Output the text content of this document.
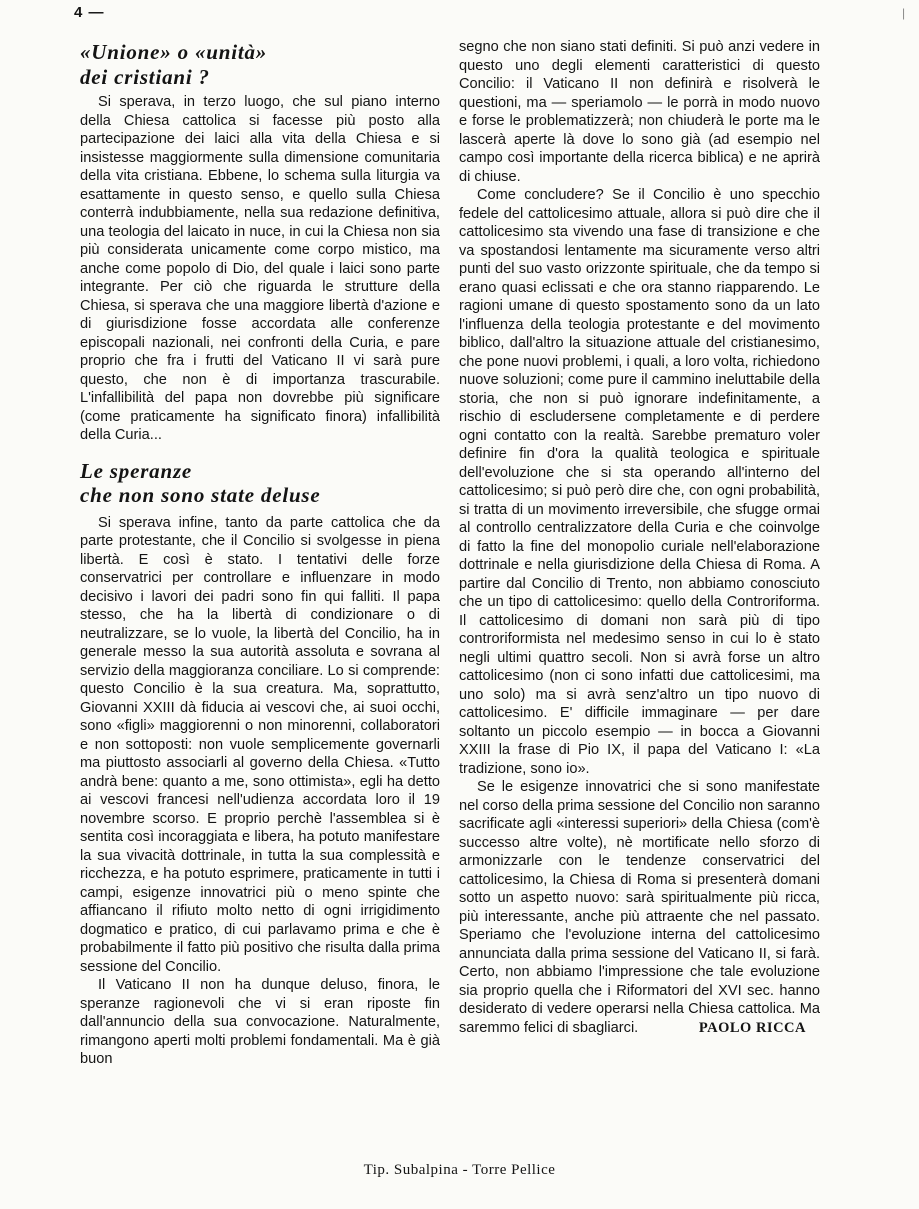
4 —	|
«Unione» o «unità»
dei cristiani ?

Si sperava, in terzo luogo, che sul piano interno della Chiesa cattolica si facesse più posto alla partecipazione dei laici alla vita della Chiesa e si insistesse maggiormente sulla dimensione comunitaria della vita cristiana. Ebbene, lo schema sulla liturgia va esattamente in questo senso, e quello sulla Chiesa conterrà indubbiamente, nella sua redazione definitiva, una teologia del laicato in nuce, in cui la Chiesa non sia più considerata unicamente come corpo mistico, ma anche come popolo di Dio, del quale i laici sono parte integrante. Per ciò che riguarda le strutture della Chiesa, si sperava che una maggiore libertà d'azione e di giurisdizione fosse accordata alle conferenze episcopali nazionali, nei confronti della Curia, e pare proprio che fra i frutti del Vaticano II vi sarà pure questo, che non è di importanza trascurabile. L'infallibilità del papa non dovrebbe più significare (come praticamente ha significato finora) infallibilità della Curia...

Le speranze
che non sono state deluse

Si sperava infine, tanto da parte cattolica che da parte protestante, che il Concilio si svolgesse in piena libertà. E così è stato. I tentativi delle forze conservatrici per controllare e influenzare in modo decisivo i lavori dei padri sono fin qui falliti. Il papa stesso, che ha la libertà di condizionare o di neutralizzare, se lo vuole, la libertà del Concilio, ha in generale messo la sua autorità assoluta e sovrana al servizio della maggioranza conciliare. Lo si comprende: questo Concilio è la sua creatura. Ma, soprattutto, Giovanni XXIII dà fiducia ai vescovi che, ai suoi occhi, sono «figli» maggiorenni o non minorenni, collaboratori e non sottoposti: non vuole semplicemente governarli ma piuttosto associarli al governo della Chiesa. «Tutto andrà bene: quanto a me, sono ottimista», egli ha detto ai vescovi francesi nell'udienza accordata loro il 19 novembre scorso. E proprio perchè l'assemblea si è sentita così incoraggiata e libera, ha potuto manifestare la sua vivacità dottrinale, in tutta la sua complessità e ricchezza, e ha potuto esprimere, praticamente in tutti i campi, esigenze innovatrici più o meno spinte che affiancano il rifiuto molto netto di ogni irrigidimento dogmatico e pratico, di cui parlavamo prima e che è probabilmente il fatto più positivo che risulta dalla prima sessione del Concilio.

Il Vaticano II non ha dunque deluso, finora, le speranze ragionevoli che vi si eran riposte fin dall'annuncio della sua convocazione. Naturalmente, rimangono aperti molti problemi fondamentali. Ma è già buon

segno che non siano stati definiti. Si può anzi vedere in questo uno degli elementi caratteristici di questo Concilio: il Vaticano II non definirà e risolverà le questioni, ma — speriamolo — le porrà in modo nuovo e forse le problematizzerà; non chiuderà le porte ma le lascerà aperte là dove lo sono già (ad esempio nel campo così importante della ricerca biblica) e ne aprirà di chiuse.

Come concludere? Se il Concilio è uno specchio fedele del cattolicesimo attuale, allora si può dire che il cattolicesimo sta vivendo una fase di transizione e che va spostandosi lentamente ma sicuramente verso altri punti del suo vasto orizzonte spirituale, che da tempo si erano quasi eclissati e che ora stanno riapparendo. Le ragioni umane di questo spostamento sono da un lato l'influenza della teologia protestante e del movimento biblico, dall'altro la situazione attuale del cristianesimo, che pone nuovi problemi, i quali, a loro volta, richiedono nuove soluzioni; come pure il cammino ineluttabile della storia, che non si può ignorare indefinitamente, a rischio di escludersene completamente e di perdere ogni contatto con la realtà. Sarebbe prematuro voler definire fin d'ora la qualità teologica e spirituale dell'evoluzione che si sta operando all'interno del cattolicesimo; si può però dire che, con ogni probabilità, si tratta di un movimento irreversibile, che sfugge ormai al controllo centralizzatore della Curia e che coinvolge di fatto la fine del monopolio curiale nell'elaborazione dottrinale e nella giurisdizione della Chiesa di Roma. A partire dal Concilio di Trento, non abbiamo conosciuto che un tipo di cattolicesimo: quello della Controriforma. Il cattolicesimo di domani non sarà più di tipo controriformista nel medesimo senso in cui lo è stato negli ultimi quattro secoli. Non si avrà forse un altro cattolicesimo (non ci sono infatti due cattolicesimi, ma uno solo) ma si avrà senz'altro un tipo nuovo di cattolicesimo. E' difficile immaginare — per dare soltanto un piccolo esempio — in bocca a Giovanni XXIII la frase di Pio IX, il papa del Vaticano I: «La tradizione, sono io».

Se le esigenze innovatrici che si sono manifestate nel corso della prima sessione del Concilio non saranno sacrificate agli «interessi superiori» della Chiesa (com'è successo altre volte), nè mortificate nello sforzo di armonizzarle con le tendenze conservatrici del cattolicesimo, la Chiesa di Roma si presenterà domani sotto un aspetto nuovo: sarà spiritualmente più ricca, più interessante, anche più attraente che nel passato. Speriamo che l'evoluzione interna del cattolicesimo annunciata dalla prima sessione del Vaticano II, si farà. Certo, non abbiamo l'impressione che tale evoluzione sia proprio quella che i Riformatori del XVI sec. hanno desiderato di vedere operarsi nella Chiesa cattolica. Ma saremmo felici di sbagliarci.	PAOLO RICCA
Tip. Subalpina - Torre Pellice
